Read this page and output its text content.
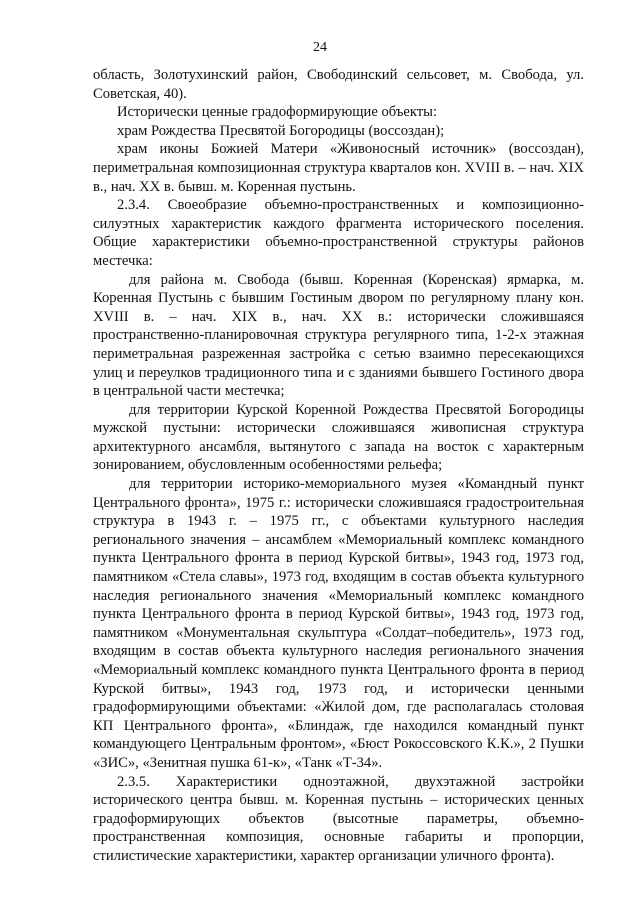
24

область, Золотухинский район, Свободинский сельсовет, м. Свобода, ул. Советская, 40).

Исторически ценные градоформирующие объекты:

храм Рождества Пресвятой Богородицы (воссоздан);

храм иконы Божией Матери «Живоносный источник» (воссоздан), периметральная композиционная структура кварталов кон. XVIII в. – нач. XIX в., нач. XX в. бывш. м. Коренная пустынь.

2.3.4. Своеобразие объемно-пространственных и композиционно-силуэтных характеристик каждого фрагмента исторического поселения. Общие характеристики объемно-пространственной структуры районов местечка:

для района м. Свобода (бывш. Коренная (Коренская) ярмарка, м. Коренная Пустынь с бывшим Гостиным двором по регулярному плану кон. XVIII в. – нач. XIX в., нач. XX в.: исторически сложившаяся пространственно-планировочная структура регулярного типа, 1-2-х этажная периметральная разреженная застройка с сетью взаимно пересекающихся улиц и переулков традиционного типа и с зданиями бывшего Гостиного двора в центральной части местечка;

для территории Курской Коренной Рождества Пресвятой Богородицы мужской пустыни: исторически сложившаяся живописная структура архитектурного ансамбля, вытянутого с запада на восток с характерным зонированием, обусловленным особенностями рельефа;

для территории историко-мемориального музея «Командный пункт Центрального фронта», 1975 г.: исторически сложившаяся градостроительная структура в 1943 г. – 1975 гг., с объектами культурного наследия регионального значения – ансамблем «Мемориальный комплекс командного пункта Центрального фронта в период Курской битвы», 1943 год, 1973 год, памятником «Стела славы», 1973 год, входящим в состав объекта культурного наследия регионального значения «Мемориальный комплекс командного пункта Центрального фронта в период Курской битвы», 1943 год, 1973 год, памятником «Монументальная скульптура «Солдат–победитель», 1973 год, входящим в состав объекта культурного наследия регионального значения «Мемориальный комплекс командного пункта Центрального фронта в период Курской битвы», 1943 год, 1973 год, и исторически ценными градоформирующими объектами: «Жилой дом, где располагалась столовая КП Центрального фронта», «Блиндаж, где находился командный пункт командующего Центральным фронтом», «Бюст Рокоссовского К.К.», 2 Пушки «ЗИС», «Зенитная пушка 61-к», «Танк «Т-34».

2.3.5. Характеристики одноэтажной, двухэтажной застройки исторического центра бывш. м. Коренная пустынь – исторических ценных градоформирующих объектов (высотные параметры, объемно-пространственная композиция, основные габариты и пропорции, стилистические характеристики, характер организации уличного фронта).
